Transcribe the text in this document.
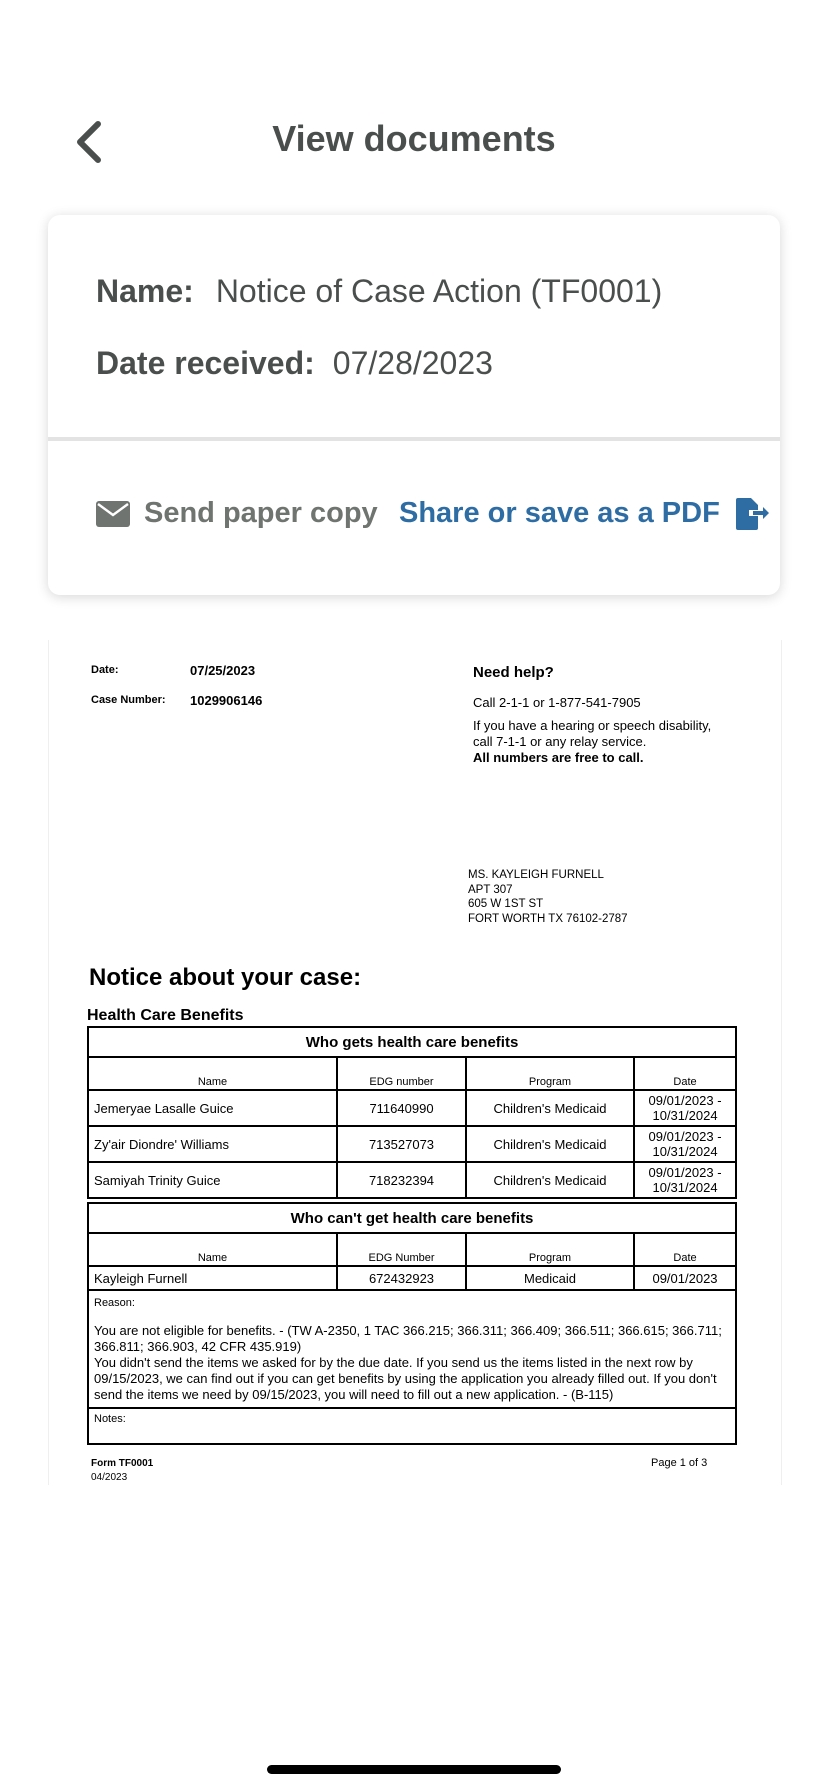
View documents
Name: Notice of Case Action (TF0001)
Date received: 07/28/2023
Send paper copy Share or save as a PDF
Date:	07/25/2023
Case Number: 1029906146
Need help?
Call 2-1-1 or 1-877-541-7905
If you have a hearing or speech disability,
call 7-1-1 or any relay service.
All numbers are free to call.
MS. KAYLEIGH FURNELL
APT 307
605 W 1ST ST
FORT WORTH TX 76102-2787
Notice about your case:
Health Care Benefits
Who gets health care benefits			
Name	EDG number	Program	Date
Jemeryae Lasalle Guice	711640990	Children's Medicaid	09/01/2023 -
10/31/2024
Zy'air Diondre' Williams	713527073	Children's Medicaid	09/01/2023 -
10/31/2024
Samiyah Trinity Guice	718232394	Children's Medicaid	09/01/2023 -
10/31/2024
Who can't get health care benefits			
Name	EDG Number	Program	Date
Kayleigh Furnell	672432923	Medicaid	09/01/2023

Reason:
You are not eligible for benefits. - (TW A-2350, 1 TAC 366.215; 366.311; 366.409; 366.511; 366.615; 366.711; 366.811; 366.903, 42 CFR 435.919)
You didn't send the items we asked for by the due date. If you send us the items listed in the next row by 09/15/2023, we can find out if you can get benefits by using the application you already filled out. If you don't send the items we need by 09/15/2023, you will need to fill out a new application. - (B-115)			

Notes:			
Form TF0001
04/2023
Page 1 of 3
